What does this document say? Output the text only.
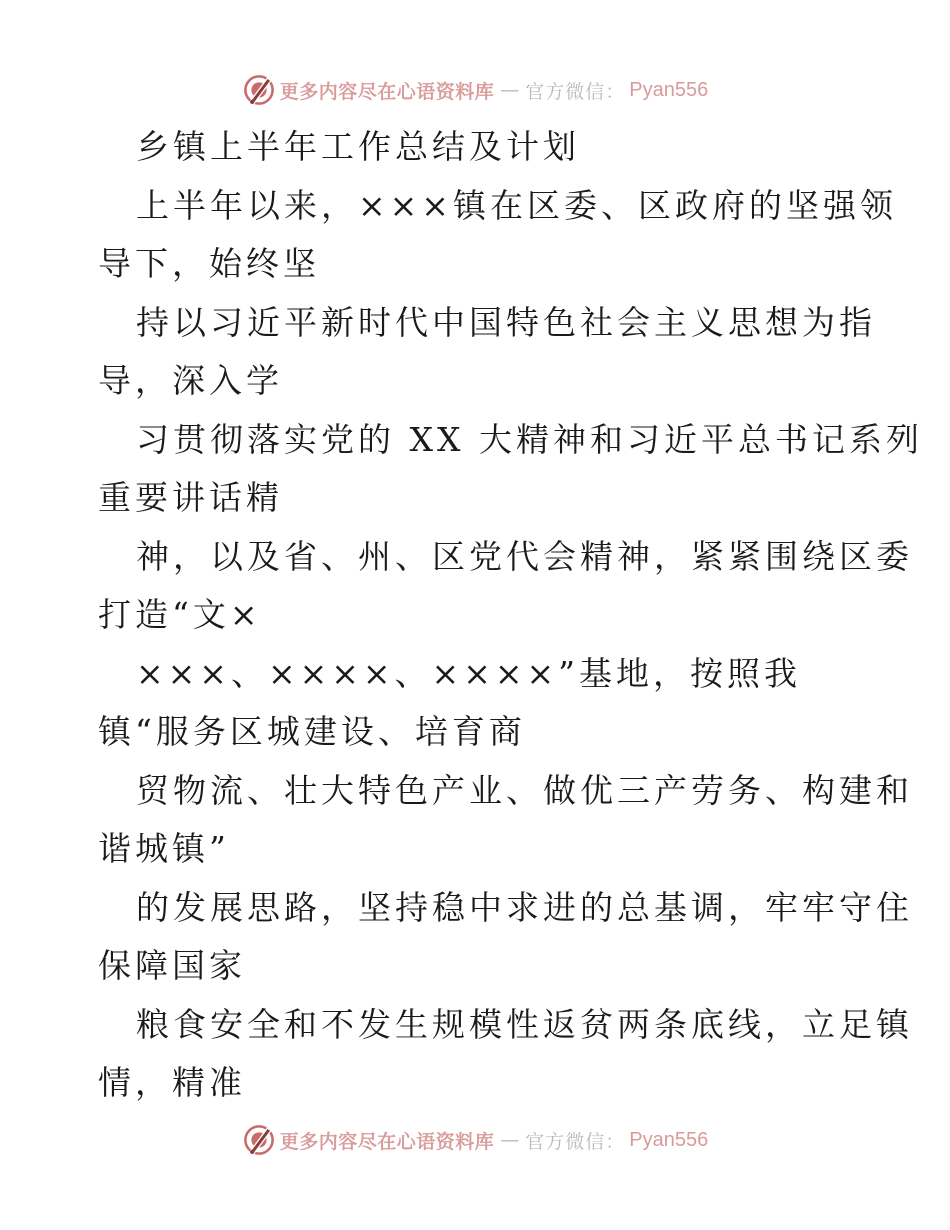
更多内容尽在心语资料库 — 官方微信： Pyan556
乡镇上半年工作总结及计划
上半年以来，×××镇在区委、区政府的坚强领
导下，始终坚
持以习近平新时代中国特色社会主义思想为指
导，深入学
习贯彻落实党的 XX 大精神和习近平总书记系列
重要讲话精
神，以及省、州、区党代会精神，紧紧围绕区委
打造“文×
×××、××××、××××”基地，按照我
镇“服务区城建设、培育商
贸物流、壮大特色产业、做优三产劳务、构建和
谐城镇”
的发展思路，坚持稳中求进的总基调，牢牢守住
保障国家
粮食安全和不发生规模性返贫两条底线，立足镇
情，精准
更多内容尽在心语资料库 — 官方微信： Pyan556
